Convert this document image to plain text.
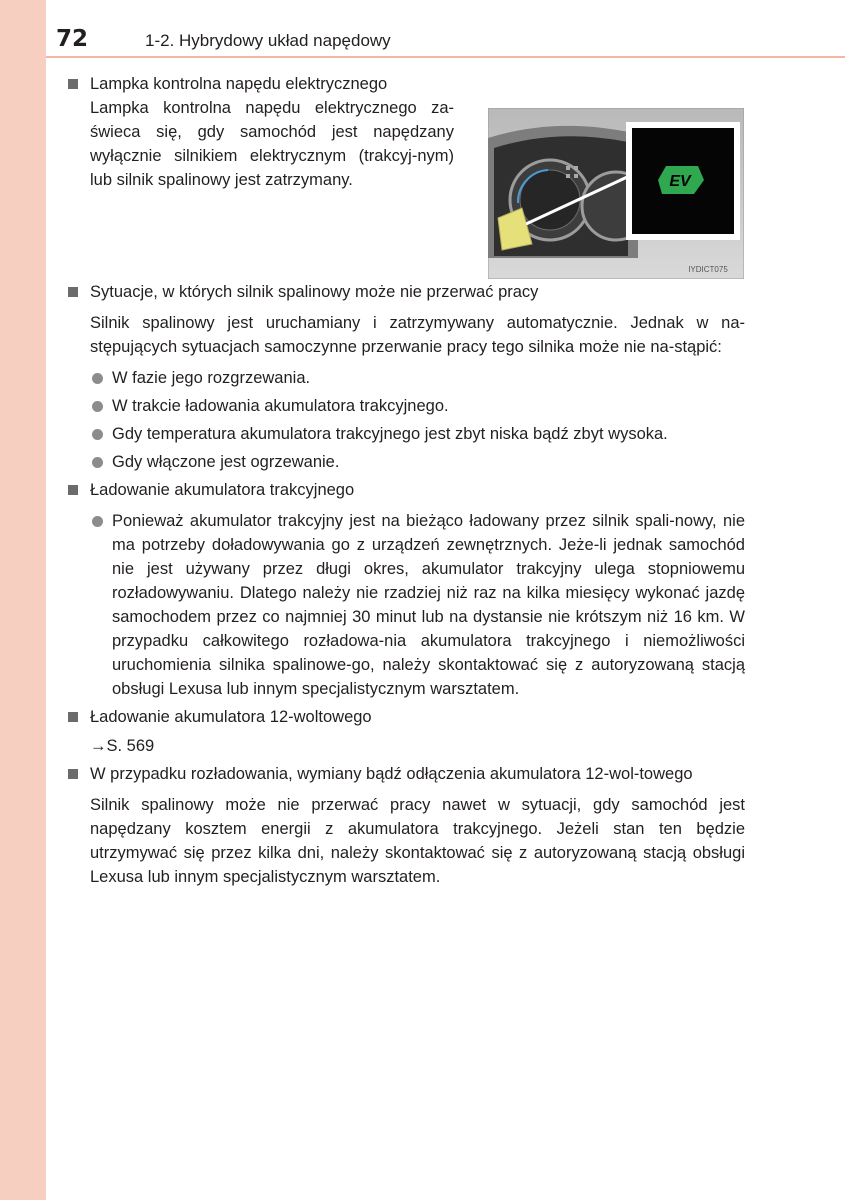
72	1-2. Hybrydowy układ napędowy
Lampka kontrolna napędu elektrycznego

Lampka kontrolna napędu elektrycznego za-świeca się, gdy samochód jest napędzany wyłącznie silnikiem elektrycznym (trakcyj-nym) lub silnik spalinowy jest zatrzymany.

Sytuacje, w których silnik spalinowy może nie przerwać pracy

Silnik spalinowy jest uruchamiany i zatrzymywany automatycznie. Jednak w na-stępujących sytuacjach samoczynne przerwanie pracy tego silnika może nie na-stąpić:

W fazie jego rozgrzewania.
W trakcie ładowania akumulatora trakcyjnego.
Gdy temperatura akumulatora trakcyjnego jest zbyt niska bądź zbyt wysoka.
Gdy włączone jest ogrzewanie.
Ładowanie akumulatora trakcyjnego
Ponieważ akumulator trakcyjny jest na bieżąco ładowany przez silnik spali-nowy, nie ma potrzeby doładowywania go z urządzeń zewnętrznych. Jeże-li jednak samochód nie jest używany przez długi okres, akumulator trakcyjny ulega stopniowemu rozładowywaniu. Dlatego należy nie rzadziej niż raz na kilka miesięcy wykonać jazdę samochodem przez co najmniej 30 minut lub na dystansie nie krótszym niż 16 km. W przypadku całkowitego rozładowa-nia akumulatora trakcyjnego i niemożliwości uruchomienia silnika spalinowe-go, należy skontaktować się z autoryzowaną stacją obsługi Lexusa lub innym specjalistycznym warsztatem.
Ładowanie akumulatora 12-woltowego

→S. 569

W przypadku rozładowania, wymiany bądź odłączenia akumulatora 12-wol-towego

Silnik spalinowy może nie przerwać pracy nawet w sytuacji, gdy samochód jest napędzany kosztem energii z akumulatora trakcyjnego. Jeżeli stan ten będzie utrzymywać się przez kilka dni, należy skontaktować się z autoryzowaną stacją obsługi Lexusa lub innym specjalistycznym warsztatem.

EV
IYDICT075
